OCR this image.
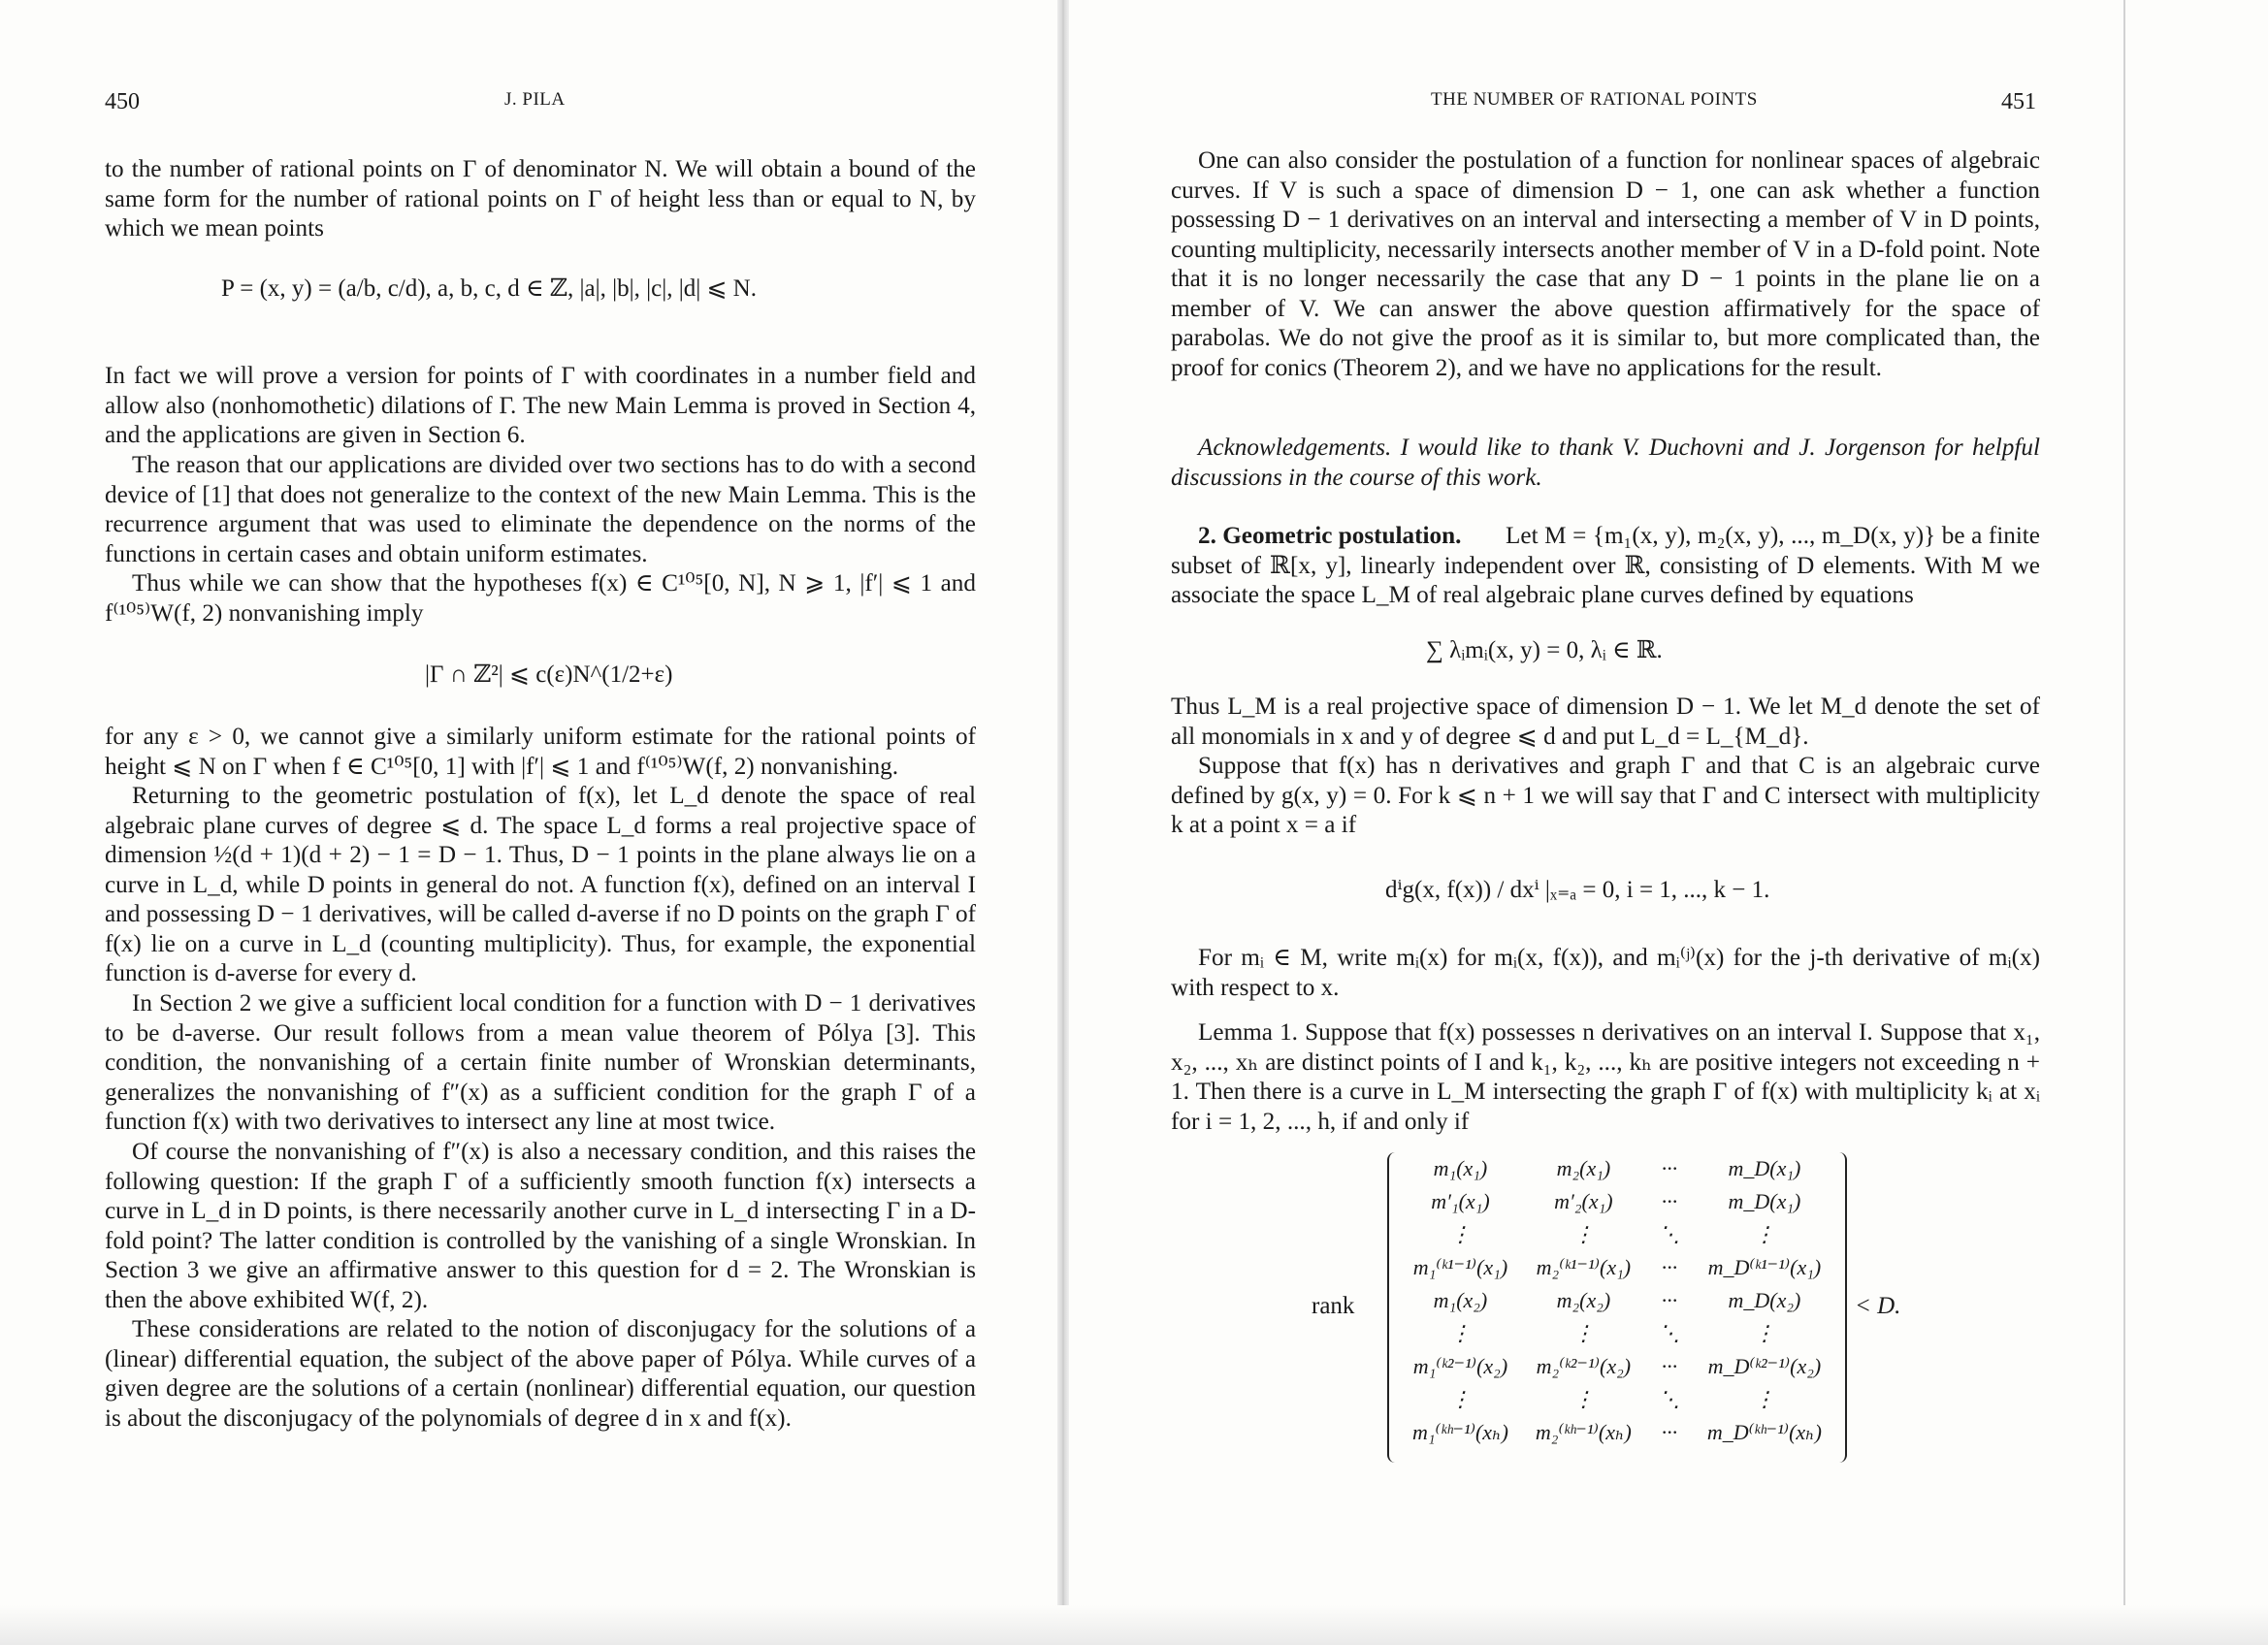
450	J. PILA
to the number of rational points on Γ of denominator N. We will obtain a bound of the same form for the number of rational points on Γ of height less than or equal to N, by which we mean points
P = (x, y) = (a/b, c/d), a, b, c, d ∈ ℤ, |a|, |b|, |c|, |d| ⩽ N.
In fact we will prove a version for points of Γ with coordinates in a number field and allow also (nonhomothetic) dilations of Γ. The new Main Lemma is proved in Section 4, and the applications are given in Section 6.
The reason that our applications are divided over two sections has to do with a second device of [1] that does not generalize to the context of the new Main Lemma. This is the recurrence argument that was used to eliminate the dependence on the norms of the functions in certain cases and obtain uniform estimates.
Thus while we can show that the hypotheses f(x) ∈ C¹⁰⁵[0, N], N ⩾ 1, |f′| ⩽ 1 and f⁽¹⁰⁵⁾W(f, 2) nonvanishing imply
|Γ ∩ ℤ²| ⩽ c(ε)N^(1/2+ε)
for any ε > 0, we cannot give a similarly uniform estimate for the rational points of height ⩽ N on Γ when f ∈ C¹⁰⁵[0, 1] with |f′| ⩽ 1 and f⁽¹⁰⁵⁾W(f, 2) nonvanishing.
Returning to the geometric postulation of f(x), let L_d denote the space of real algebraic plane curves of degree ⩽ d. The space L_d forms a real projective space of dimension ½(d + 1)(d + 2) − 1 = D − 1. Thus, D − 1 points in the plane always lie on a curve in L_d, while D points in general do not. A function f(x), defined on an interval I and possessing D − 1 derivatives, will be called d-averse if no D points on the graph Γ of f(x) lie on a curve in L_d (counting multiplicity). Thus, for example, the exponential function is d-averse for every d.
In Section 2 we give a sufficient local condition for a function with D − 1 derivatives to be d-averse. Our result follows from a mean value theorem of Pólya [3]. This condition, the nonvanishing of a certain finite number of Wronskian determinants, generalizes the nonvanishing of f″(x) as a sufficient condition for the graph Γ of a function f(x) with two derivatives to intersect any line at most twice.
Of course the nonvanishing of f″(x) is also a necessary condition, and this raises the following question: If the graph Γ of a sufficiently smooth function f(x) intersects a curve in L_d in D points, is there necessarily another curve in L_d intersecting Γ in a D-fold point? The latter condition is controlled by the vanishing of a single Wronskian. In Section 3 we give an affirmative answer to this question for d = 2. The Wronskian is then the above exhibited W(f, 2).
These considerations are related to the notion of disconjugacy for the solutions of a (linear) differential equation, the subject of the above paper of Pólya. While curves of a given degree are the solutions of a certain (nonlinear) differential equation, our question is about the disconjugacy of the polynomials of degree d in x and f(x).
THE NUMBER OF RATIONAL POINTS	451
One can also consider the postulation of a function for nonlinear spaces of algebraic curves. If V is such a space of dimension D − 1, one can ask whether a function possessing D − 1 derivatives on an interval and intersecting a member of V in D points, counting multiplicity, necessarily intersects another member of V in a D-fold point. Note that it is no longer necessarily the case that any D − 1 points in the plane lie on a member of V. We can answer the above question affirmatively for the space of parabolas. We do not give the proof as it is similar to, but more complicated than, the proof for conics (Theorem 2), and we have no applications for the result.
Acknowledgements. I would like to thank V. Duchovni and J. Jorgenson for helpful discussions in the course of this work.
2. Geometric postulation.	Let M = {m₁(x, y), m₂(x, y), ..., m_D(x, y)} be a finite subset of ℝ[x, y], linearly independent over ℝ, consisting of D elements. With M we associate the space L_M of real algebraic plane curves defined by equations
∑ λᵢmᵢ(x, y) = 0, λᵢ ∈ ℝ.
Thus L_M is a real projective space of dimension D − 1. We let M_d denote the set of all monomials in x and y of degree ⩽ d and put L_d = L_{M_d}.
Suppose that f(x) has n derivatives and graph Γ and that C is an algebraic curve defined by g(x, y) = 0. For k ⩽ n + 1 we will say that Γ and C intersect with multiplicity k at a point x = a if
dⁱg(x, f(x)) / dxⁱ |ₓ₌ₐ = 0, i = 1, ..., k − 1.
For mᵢ ∈ M, write mᵢ(x) for mᵢ(x, f(x)), and mᵢ⁽ʲ⁾(x) for the j-th derivative of mᵢ(x) with respect to x.
Lemma 1. Suppose that f(x) possesses n derivatives on an interval I. Suppose that x₁, x₂, ..., xₕ are distinct points of I and k₁, k₂, ..., kₕ are positive integers not exceeding n + 1. Then there is a curve in L_M intersecting the graph Γ of f(x) with multiplicity kᵢ at xᵢ for i = 1, 2, ..., h, if and only if
rank
m₁(x₁)	m₂(x₁)	···	m_D(x₁)
m′₁(x₁)	m′₂(x₁)	···	m_D(x₁)
⋮	⋮	⋱	⋮
m₁⁽ᵏ¹⁻¹⁾(x₁)	m₂⁽ᵏ¹⁻¹⁾(x₁)	···	m_D⁽ᵏ¹⁻¹⁾(x₁)
m₁(x₂)	m₂(x₂)	···	m_D(x₂)
⋮	⋮	⋱	⋮
m₁⁽ᵏ²⁻¹⁾(x₂)	m₂⁽ᵏ²⁻¹⁾(x₂)	···	m_D⁽ᵏ²⁻¹⁾(x₂)
⋮	⋮	⋱	⋮
m₁⁽ᵏʰ⁻¹⁾(xₕ)	m₂⁽ᵏʰ⁻¹⁾(xₕ)	···	m_D⁽ᵏʰ⁻¹⁾(xₕ)
< D.
